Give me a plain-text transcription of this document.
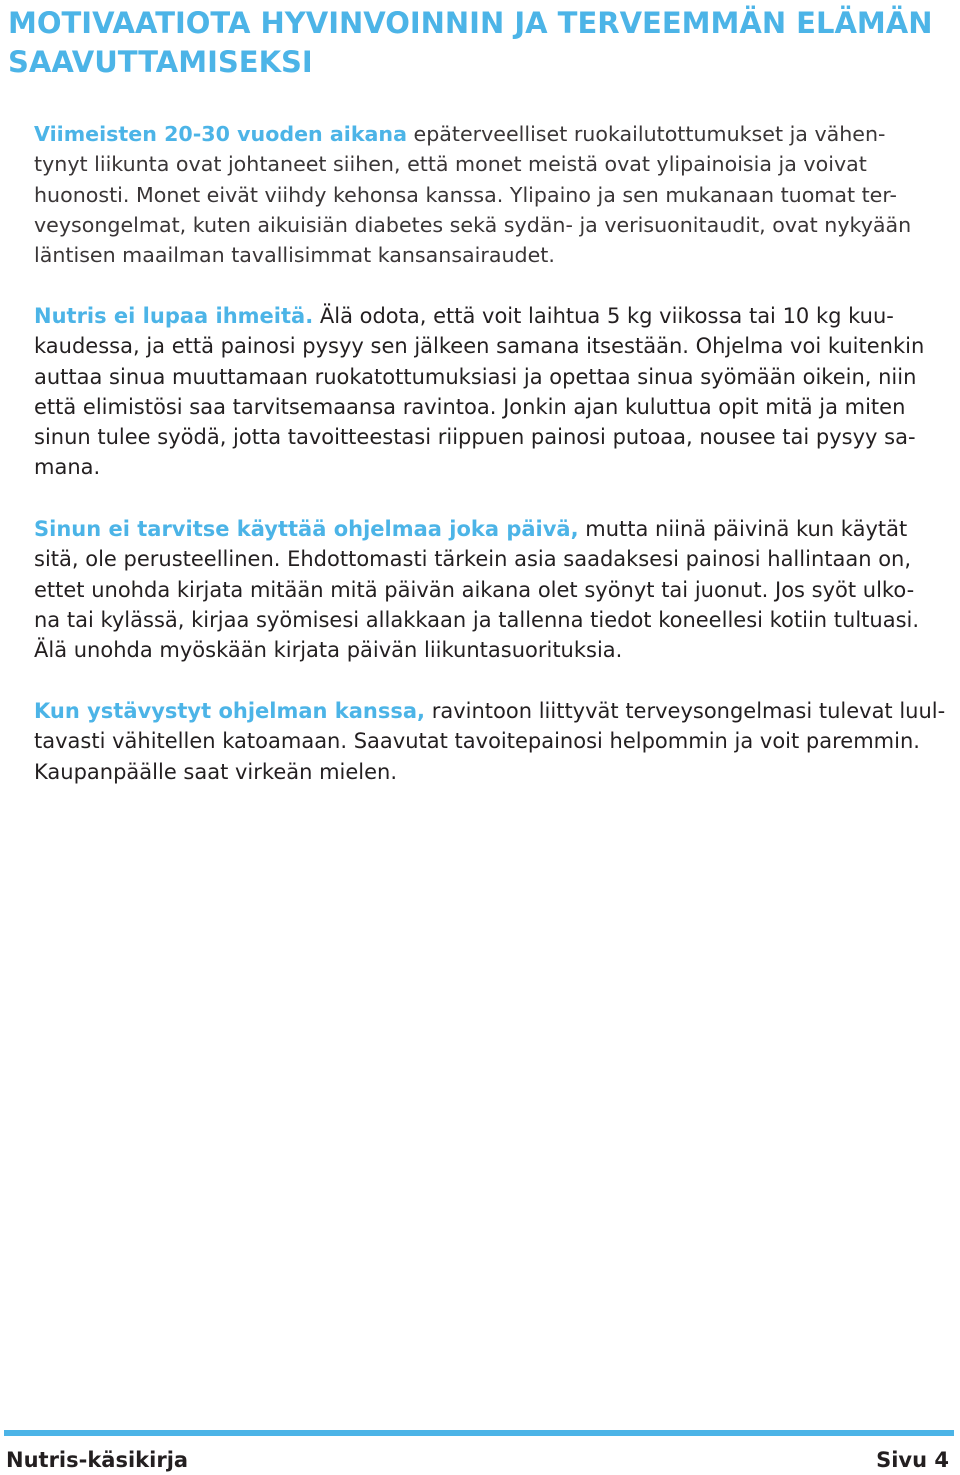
MOTIVAATIOTA HYVINVOINNIN JA TERVEEMMÄN ELÄMÄN
SAAVUTTAMISEKSI

Viimeisten 20-30 vuoden aikana epäterveelliset ruokailutottumukset ja vähen-
tynyt liikunta ovat johtaneet siihen, että monet meistä ovat ylipainoisia ja voivat
huonosti. Monet eivät viihdy kehonsa kanssa. Ylipaino ja sen mukanaan tuomat ter-
veysongelmat, kuten aikuisiän diabetes sekä sydän- ja verisuonitaudit, ovat nykyään
läntisen maailman tavallisimmat kansansairaudet.

Nutris ei lupaa ihmeitä. Älä odota, että voit laihtua 5 kg viikossa tai 10 kg kuu-
kaudessa, ja että painosi pysyy sen jälkeen samana itsestään. Ohjelma voi kuitenkin
auttaa sinua muuttamaan ruokatottumuksiasi ja opettaa sinua syömään oikein, niin
että elimistösi saa tarvitsemaansa ravintoa. Jonkin ajan kuluttua opit mitä ja miten
sinun tulee syödä, jotta tavoitteestasi riippuen painosi putoaa, nousee tai pysyy sa-
mana.

Sinun ei tarvitse käyttää ohjelmaa joka päivä, mutta niinä päivinä kun käytät
sitä, ole perusteellinen. Ehdottomasti tärkein asia saadaksesi painosi hallintaan on,
ettet unohda kirjata mitään mitä päivän aikana olet syönyt tai juonut. Jos syöt ulko-
na tai kylässä, kirjaa syömisesi allakkaan ja tallenna tiedot koneellesi kotiin tultuasi.
Älä unohda myöskään kirjata päivän liikuntasuorituksia.

Kun ystävystyt ohjelman kanssa, ravintoon liittyvät terveysongelmasi tulevat luul-
tavasti vähitellen katoamaan. Saavutat tavoitepainosi helpommin ja voit paremmin.
Kaupanpäälle saat virkeän mielen.

Nutris-käsikirja	Sivu 4
